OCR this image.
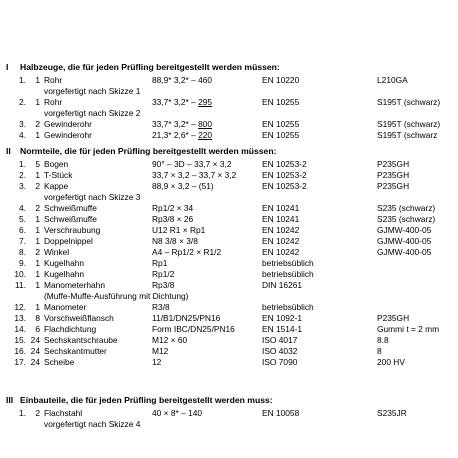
I Halbzeuge, die für jeden Prüfling bereitgestellt werden müssen:
1.	1 Rohr	88,9* 3,2* – 460	EN 10220	L210GA
vorgefertigt nach Skizze 1
2.	1 Rohr	33,7* 3,2* – 295	EN 10255	S195T (schwarz)
vorgefertigt nach Skizze 2
3.	2 Gewinderohr	33,7* 3,2* – 800	EN 10255	S195T (schwarz)
4.	1 Gewinderohr	21,3* 2,6* – 220	EN 10255	S195T (schwarz
II Normteile, die für jeden Prüfling bereitgestellt werden müssen:
1.	5 Bogen	90° – 3D – 33,7 × 3,2	EN 10253-2	P235GH
2.	1 T-Stück	33,7 × 3,2 – 33,7 × 3,2	EN 10253-2	P235GH
3.	2 Kappe	88,9 × 3,2 – (51)	EN 10253-2	P235GH
vorgefertigt nach Skizze 3
4.	2 Schweißmuffe	Rp1/2 × 34	EN 10241	S235 (schwarz)
5.	1 Schweißmuffe	Rp3/8 × 26	EN 10241	S235 (schwarz)
6.	1 Verschraubung	U12 R1 × Rp1	EN 10242	GJMW-400-05
7.	1 Doppelnippel	N8 3/8 × 3/8	EN 10242	GJMW-400-05
8.	2 Winkel	A4 – Rp1/2 × R1/2	EN 10242	GJMW-400-05
9.	1 Kugelhahn	Rp1	betriebsüblich
10.	1 Kugelhahn	Rp1/2	betriebsüblich
11.	1 Manometerhahn	Rp3/8	DIN 16261
(Muffe-Muffe-Ausführung mit Dichtung)
12.	1 Manometer	R3/8	betriebsüblich
13.	8 Vorschweißflansch	11/B1/DN25/PN16	EN 1092-1	P235GH
14.	6 Flachdichtung	Form IBC/DN25/PN16	EN 1514-1	Gummi t = 2 mm
15. 24 Sechskantschraube	M12 × 60	ISO 4017	8.8
16. 24 Sechskantmutter	M12	ISO 4032	8
17. 24 Scheibe	12	ISO 7090	200 HV
III Einbauteile, die für jeden Prüfling bereitgestellt werden muss:
1.	2 Flachstahl	40 × 8* – 140	EN 10058	S235JR
vorgefertigt nach Skizze 4
